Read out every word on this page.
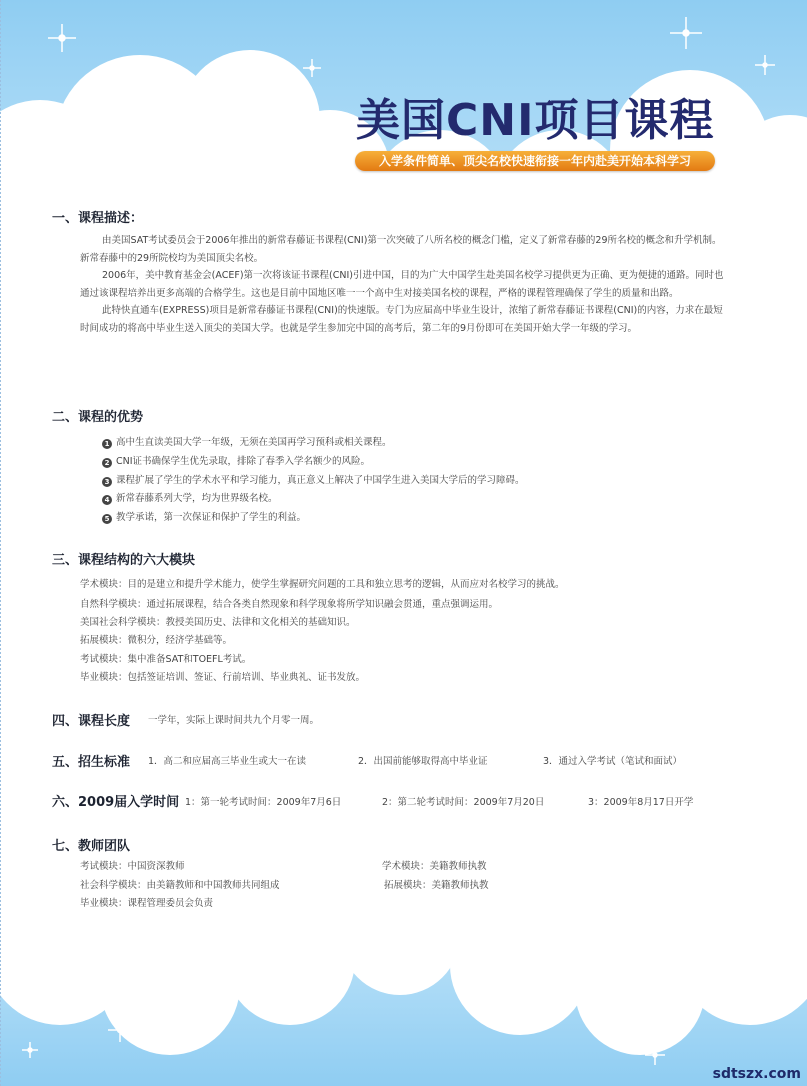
美国CNI项目课程
入学条件简单、顶尖名校快速衔接一年内赴美开始本科学习
一、课程描述：
由美国SAT考试委员会于2006年推出的新常春藤证书课程(CNI)第一次突破了八所名校的概念门槛，定义了新常春藤的29所名校的概念和升学机制。新常春藤中的29所院校均为美国顶尖名校。
2006年，美中教育基金会(ACEF)第一次将该证书课程(CNI)引进中国，目的为广大中国学生赴美国名校学习提供更为正确、更为便捷的通路。同时也通过该课程培养出更多高端的合格学生。这也是目前中国地区唯一一个高中生对接美国名校的课程，严格的课程管理确保了学生的质量和出路。
此特快直通车(EXPRESS)项目是新常春藤证书课程(CNI)的快速版。专门为应届高中毕业生设计，浓缩了新常春藤证书课程(CNI)的内容，力求在最短时间成功的将高中毕业生送入顶尖的美国大学。也就是学生参加完中国的高考后，第二年的9月份即可在美国开始大学一年级的学习。
二、课程的优势
1 高中生直读美国大学一年级，无须在美国再学习预科或相关课程。
2 CNI证书确保学生优先录取，排除了春季入学名额少的风险。
3 课程扩展了学生的学术水平和学习能力，真正意义上解决了中国学生进入美国大学后的学习障碍。
4 新常春藤系列大学，均为世界级名校。
5 教学承诺，第一次保证和保护了学生的利益。
三、课程结构的六大模块
学术模块：目的是建立和提升学术能力，使学生掌握研究问题的工具和独立思考的逻辑，从而应对名校学习的挑战。
自然科学模块：通过拓展课程，结合各类自然现象和科学现象将所学知识融会贯通，重点强调运用。
美国社会科学模块：教授美国历史、法律和文化相关的基础知识。
拓展模块：微积分，经济学基础等。
考试模块：集中准备SAT和TOEFL考试。
毕业模块：包括签证培训、签证、行前培训、毕业典礼、证书发放。
四、课程长度 一学年，实际上课时间共九个月零一周。
五、招生标准 1．高二和应届高三毕业生或大一在读	2．出国前能够取得高中毕业证	3．通过入学考试（笔试和面试）
六、2009届入学时间 1：第一轮考试时间：2009年7月6日	2：第二轮考试时间：2009年7月20日	3：2009年8月17日开学
七、教师团队
考试模块：中国资深教师	学术模块：美籍教师执教
社会科学模块：由美籍教师和中国教师共同组成	拓展模块：美籍教师执教
毕业模块：课程管理委员会负责
sdtszx.com
